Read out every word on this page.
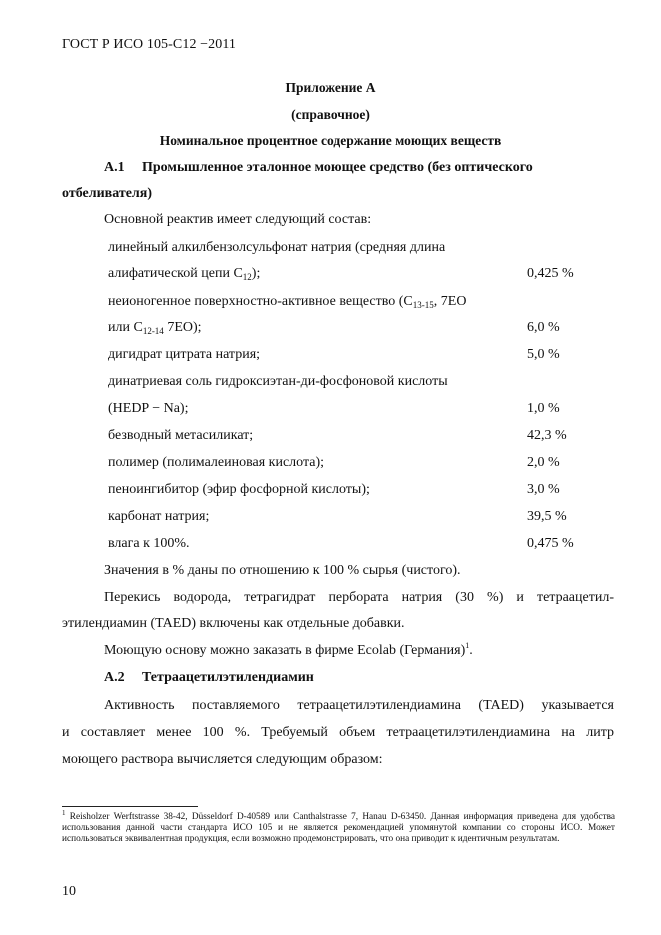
ГОСТ Р ИСО 105-С12 −2011
Приложение А
(справочное)
Номинальное процентное содержание моющих веществ
А.1 Промышленное эталонное моющее средство (без оптического
отбеливателя)
Основной реактив имеет следующий состав:
линейный алкилбензолсульфонат натрия (средняя длина
алифатической цепи $C_{12}$);	0,425 %
неионогенное поверхностно-активное вещество ($C_{13-15}$, 7EO
или $C_{12-14}$ 7EO);	6,0 %
дигидрат цитрата натрия;	5,0 %
динатриевая соль гидроксиэтан-ди-фосфоновой кислоты
(HEDP − Na);	1,0 %
безводный метасиликат;	42,3 %
полимер (полималеиновая кислота);	2,0 %
пеноингибитор (эфир фосфорной кислоты);	3,0 %
карбонат натрия;	39,5 %
влага к 100%.	0,475 %
Значения в % даны по отношению к 100 % сырья (чистого).
Перекись водорода, тетрагидрат пербората натрия (30 %) и тетраацетил-
этилендиамин (TAED) включены как отдельные добавки.
Моющую основу можно заказать в фирме Ecolab (Германия)$^1$.
А.2 Тетраацетилэтилендиамин
Активность поставляемого тетраацетилэтилендиамина (TAED) указывается
и составляет менее 100 %. Требуемый объем тетраацетилэтилендиамина на литр
моющего раствора вычисляется следующим образом:
$^1$ Reisholzer Werftstrasse 38-42, Düsseldorf D-40589 или Canthalstrasse 7, Hanau D-63450. Данная информация приведена для удобства использования данной части стандарта ИСО 105 и не является рекомендацией упомянутой компании со стороны ИСО. Может использоваться эквивалентная продукция, если возможно продемонстрировать, что она приводит к идентичным результатам.
10
